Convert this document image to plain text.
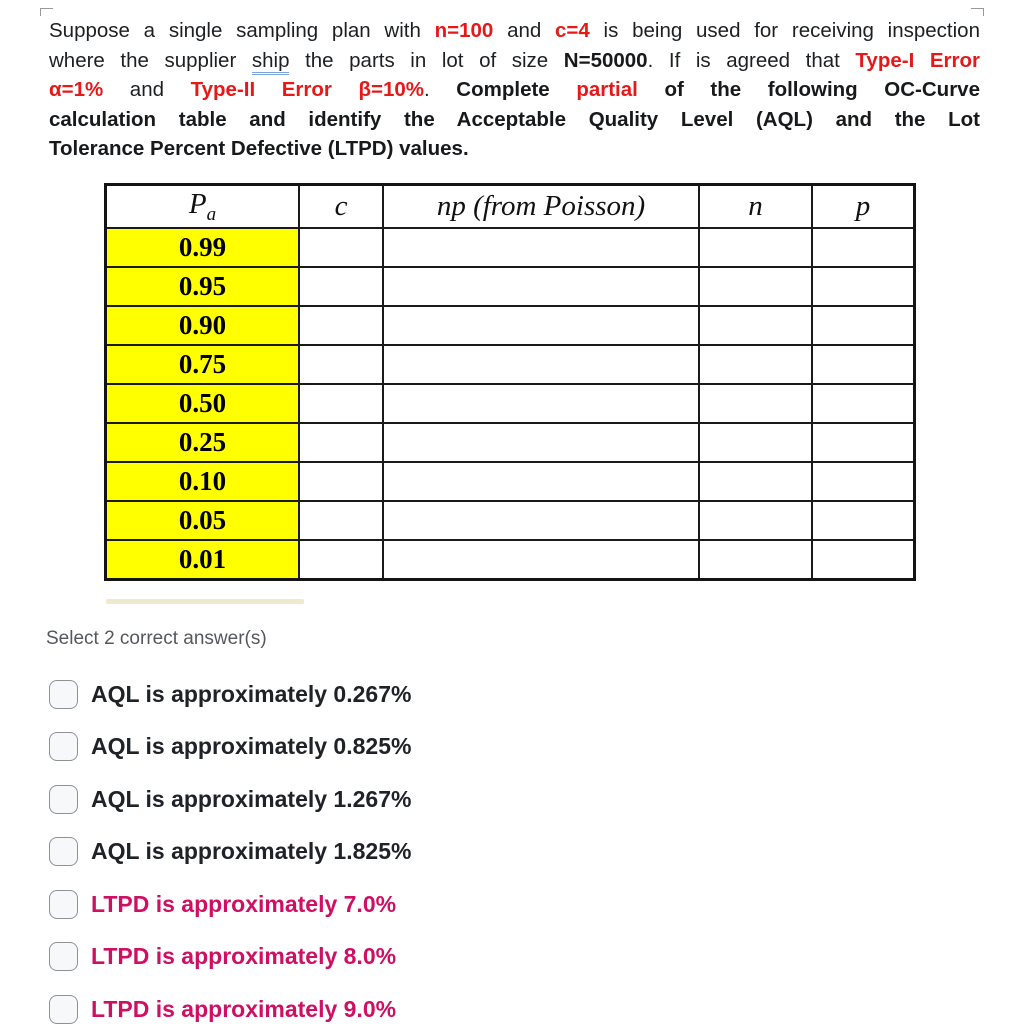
Suppose a single sampling plan with n=100 and c=4 is being used for receiving inspection
where the supplier ship the parts in lot of size N=50000. If is agreed that Type-I Error
α=1% and Type-II Error β=10%. Complete partial of the following OC-Curve
calculation table and identify the Acceptable Quality Level (AQL) and the Lot
Tolerance Percent Defective (LTPD) values.
$P_a$	c	np (from Poisson)	n	p
0.99				
0.95				
0.90				
0.75				
0.50				
0.25				
0.10				
0.05				
0.01				
Select 2 correct answer(s)
AQL is approximately 0.267%
AQL is approximately 0.825%
AQL is approximately 1.267%
AQL is approximately 1.825%
LTPD is approximately 7.0%
LTPD is approximately 8.0%
LTPD is approximately 9.0%
